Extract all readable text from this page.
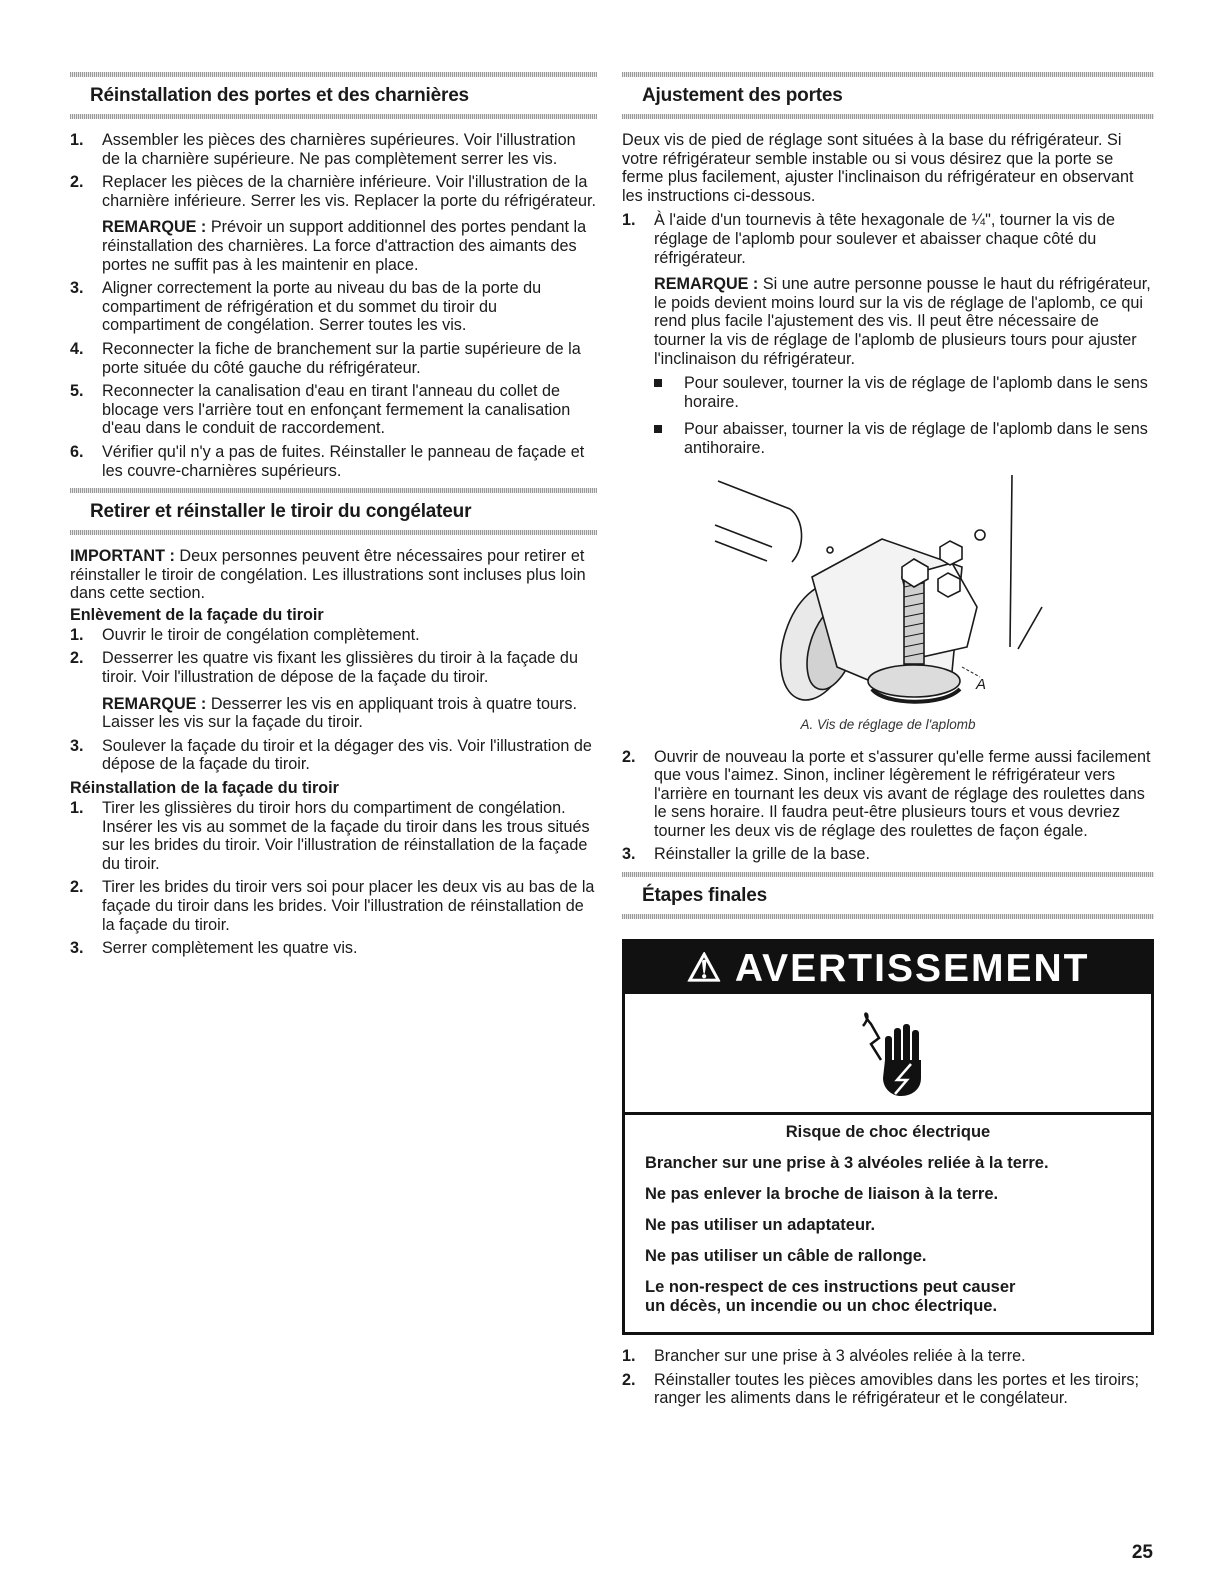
Réinstallation des portes et des charnières
1. Assembler les pièces des charnières supérieures. Voir l'illustration de la charnière supérieure. Ne pas complètement serrer les vis.
2. Replacer les pièces de la charnière inférieure. Voir l'illustration de la charnière inférieure. Serrer les vis. Replacer la porte du réfrigérateur.
REMARQUE : Prévoir un support additionnel des portes pendant la réinstallation des charnières. La force d'attraction des aimants des portes ne suffit pas à les maintenir en place.
3. Aligner correctement la porte au niveau du bas de la porte du compartiment de réfrigération et du sommet du tiroir du compartiment de congélation. Serrer toutes les vis.
4. Reconnecter la fiche de branchement sur la partie supérieure de la porte située du côté gauche du réfrigérateur.
5. Reconnecter la canalisation d'eau en tirant l'anneau du collet de blocage vers l'arrière tout en enfonçant fermement la canalisation d'eau dans le conduit de raccordement.
6. Vérifier qu'il n'y a pas de fuites. Réinstaller le panneau de façade et les couvre-charnières supérieurs.
Retirer et réinstaller le tiroir du congélateur
IMPORTANT : Deux personnes peuvent être nécessaires pour retirer et réinstaller le tiroir de congélation. Les illustrations sont incluses plus loin dans cette section.
Enlèvement de la façade du tiroir
1. Ouvrir le tiroir de congélation complètement.
2. Desserrer les quatre vis fixant les glissières du tiroir à la façade du tiroir. Voir l'illustration de dépose de la façade du tiroir.
REMARQUE : Desserrer les vis en appliquant trois à quatre tours. Laisser les vis sur la façade du tiroir.
3. Soulever la façade du tiroir et la dégager des vis. Voir l'illustration de dépose de la façade du tiroir.
Réinstallation de la façade du tiroir
1. Tirer les glissières du tiroir hors du compartiment de congélation. Insérer les vis au sommet de la façade du tiroir dans les trous situés sur les brides du tiroir. Voir l'illustration de réinstallation de la façade du tiroir.
2. Tirer les brides du tiroir vers soi pour placer les deux vis au bas de la façade du tiroir dans les brides. Voir l'illustration de réinstallation de la façade du tiroir.
3. Serrer complètement les quatre vis.
Ajustement des portes
Deux vis de pied de réglage sont situées à la base du réfrigérateur. Si votre réfrigérateur semble instable ou si vous désirez que la porte se ferme plus facilement, ajuster l'inclinaison du réfrigérateur en observant les instructions ci-dessous.
1. À l'aide d'un tournevis à tête hexagonale de ¼", tourner la vis de réglage de l'aplomb pour soulever et abaisser chaque côté du réfrigérateur.
REMARQUE : Si une autre personne pousse le haut du réfrigérateur, le poids devient moins lourd sur la vis de réglage de l'aplomb, ce qui rend plus facile l'ajustement des vis. Il peut être nécessaire de tourner la vis de réglage de l'aplomb de plusieurs tours pour ajuster l'inclinaison du réfrigérateur.
Pour soulever, tourner la vis de réglage de l'aplomb dans le sens horaire.
Pour abaisser, tourner la vis de réglage de l'aplomb dans le sens antihoraire.
A
A. Vis de réglage de l'aplomb
2. Ouvrir de nouveau la porte et s'assurer qu'elle ferme aussi facilement que vous l'aimez. Sinon, incliner légèrement le réfrigérateur vers l'arrière en tournant les deux vis avant de réglage des roulettes dans le sens horaire. Il faudra peut-être plusieurs tours et vous devriez tourner les deux vis de réglage des roulettes de façon égale.
3. Réinstaller la grille de la base.
Étapes finales
⚠ AVERTISSEMENT
Risque de choc électrique
Brancher sur une prise à 3 alvéoles reliée à la terre.
Ne pas enlever la broche de liaison à la terre.
Ne pas utiliser un adaptateur.
Ne pas utiliser un câble de rallonge.
Le non-respect de ces instructions peut causer
un décès, un incendie ou un choc électrique.
1. Brancher sur une prise à 3 alvéoles reliée à la terre.
2. Réinstaller toutes les pièces amovibles dans les portes et les tiroirs; ranger les aliments dans le réfrigérateur et le congélateur.
25
